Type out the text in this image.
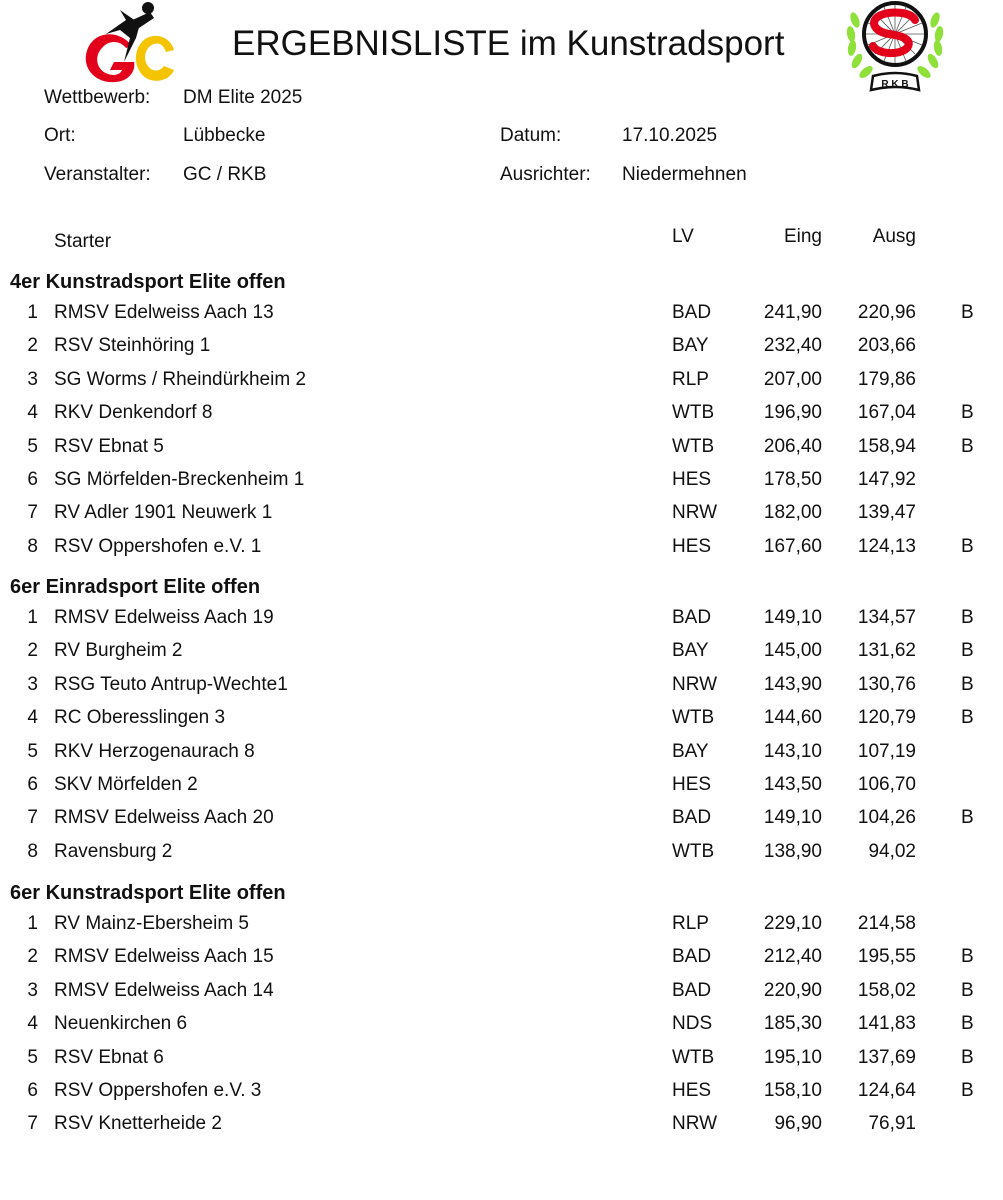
R K B
ERGEBNISLISTE im Kunstradsport
Wettbewerb: DM Elite 2025
Ort:	Lübbecke	Datum:	17.10.2025
Veranstalter: GC / RKB	Ausrichter: Niedermehnen
Starter	LV	Eing	Ausg
4er Kunstradsport Elite offen
1 RMSV Edelweiss Aach 13	BAD	241,90	220,96 B
2 RSV Steinhöring 1	BAY	232,40	203,66
3 SG Worms / Rheindürkheim 2	RLP	207,00	179,86
4 RKV Denkendorf 8	WTB	196,90	167,04 B
5 RSV Ebnat 5	WTB	206,40	158,94 B
6 SG Mörfelden-Breckenheim 1	HES	178,50	147,92
7 RV Adler 1901 Neuwerk 1	NRW	182,00	139,47
8 RSV Oppershofen e.V. 1	HES	167,60	124,13 B
6er Einradsport Elite offen
1 RMSV Edelweiss Aach 19	BAD	149,10	134,57 B
2 RV Burgheim 2	BAY	145,00	131,62 B
3 RSG Teuto Antrup-Wechte1	NRW	143,90	130,76 B
4 RC Oberesslingen 3	WTB	144,60	120,79 B
5 RKV Herzogenaurach 8	BAY	143,10	107,19
6 SKV Mörfelden 2	HES	143,50	106,70
7 RMSV Edelweiss Aach 20	BAD	149,10	104,26 B
8 Ravensburg 2	WTB	138,90	94,02
6er Kunstradsport Elite offen
1 RV Mainz-Ebersheim 5	RLP	229,10	214,58
2 RMSV Edelweiss Aach 15	BAD	212,40	195,55 B
3 RMSV Edelweiss Aach 14	BAD	220,90	158,02 B
4 Neuenkirchen 6	NDS	185,30	141,83 B
5 RSV Ebnat 6	WTB	195,10	137,69 B
6 RSV Oppershofen e.V. 3	HES	158,10	124,64 B
7 RSV Knetterheide 2	NRW	96,90	76,91
